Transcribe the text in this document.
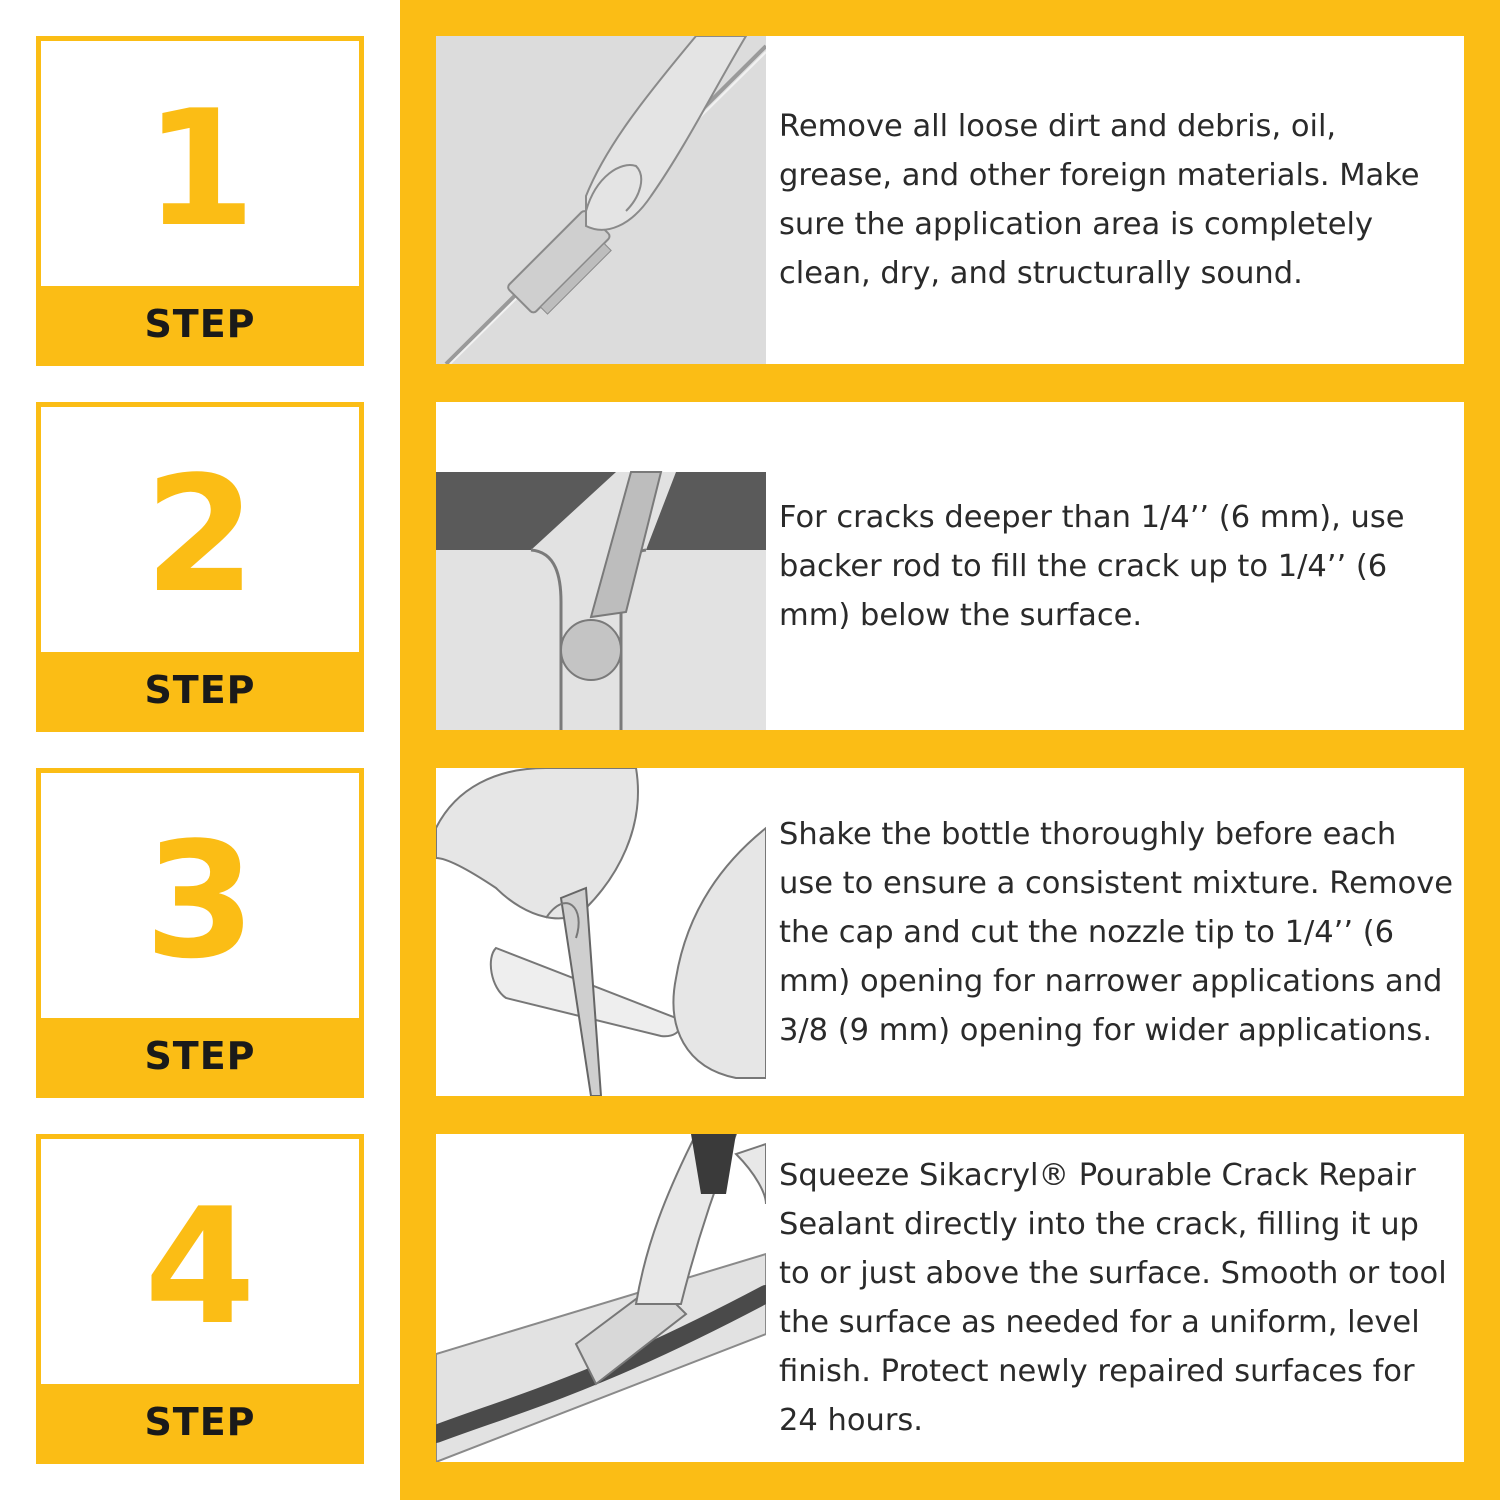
1
STEP
Remove all loose dirt and debris, oil, grease, and other foreign materials. Make sure the application area is completely clean, dry, and structurally sound.
2
STEP
For cracks deeper than 1/4’’ (6 mm), use backer rod to fill the crack up to 1/4’’ (6 mm) below the surface.
3
STEP
Shake the bottle thoroughly before each use to ensure a consistent mixture. Remove the cap and cut the nozzle tip to 1/4’’ (6 mm) opening for narrower applications and 3/8 (9 mm) opening for wider applications.
4
STEP
Squeeze Sikacryl® Pourable Crack Repair Sealant directly into the crack, filling it up to or just above the surface. Smooth or tool the surface as needed for a uniform, level finish. Protect newly repaired surfaces for 24 hours.
